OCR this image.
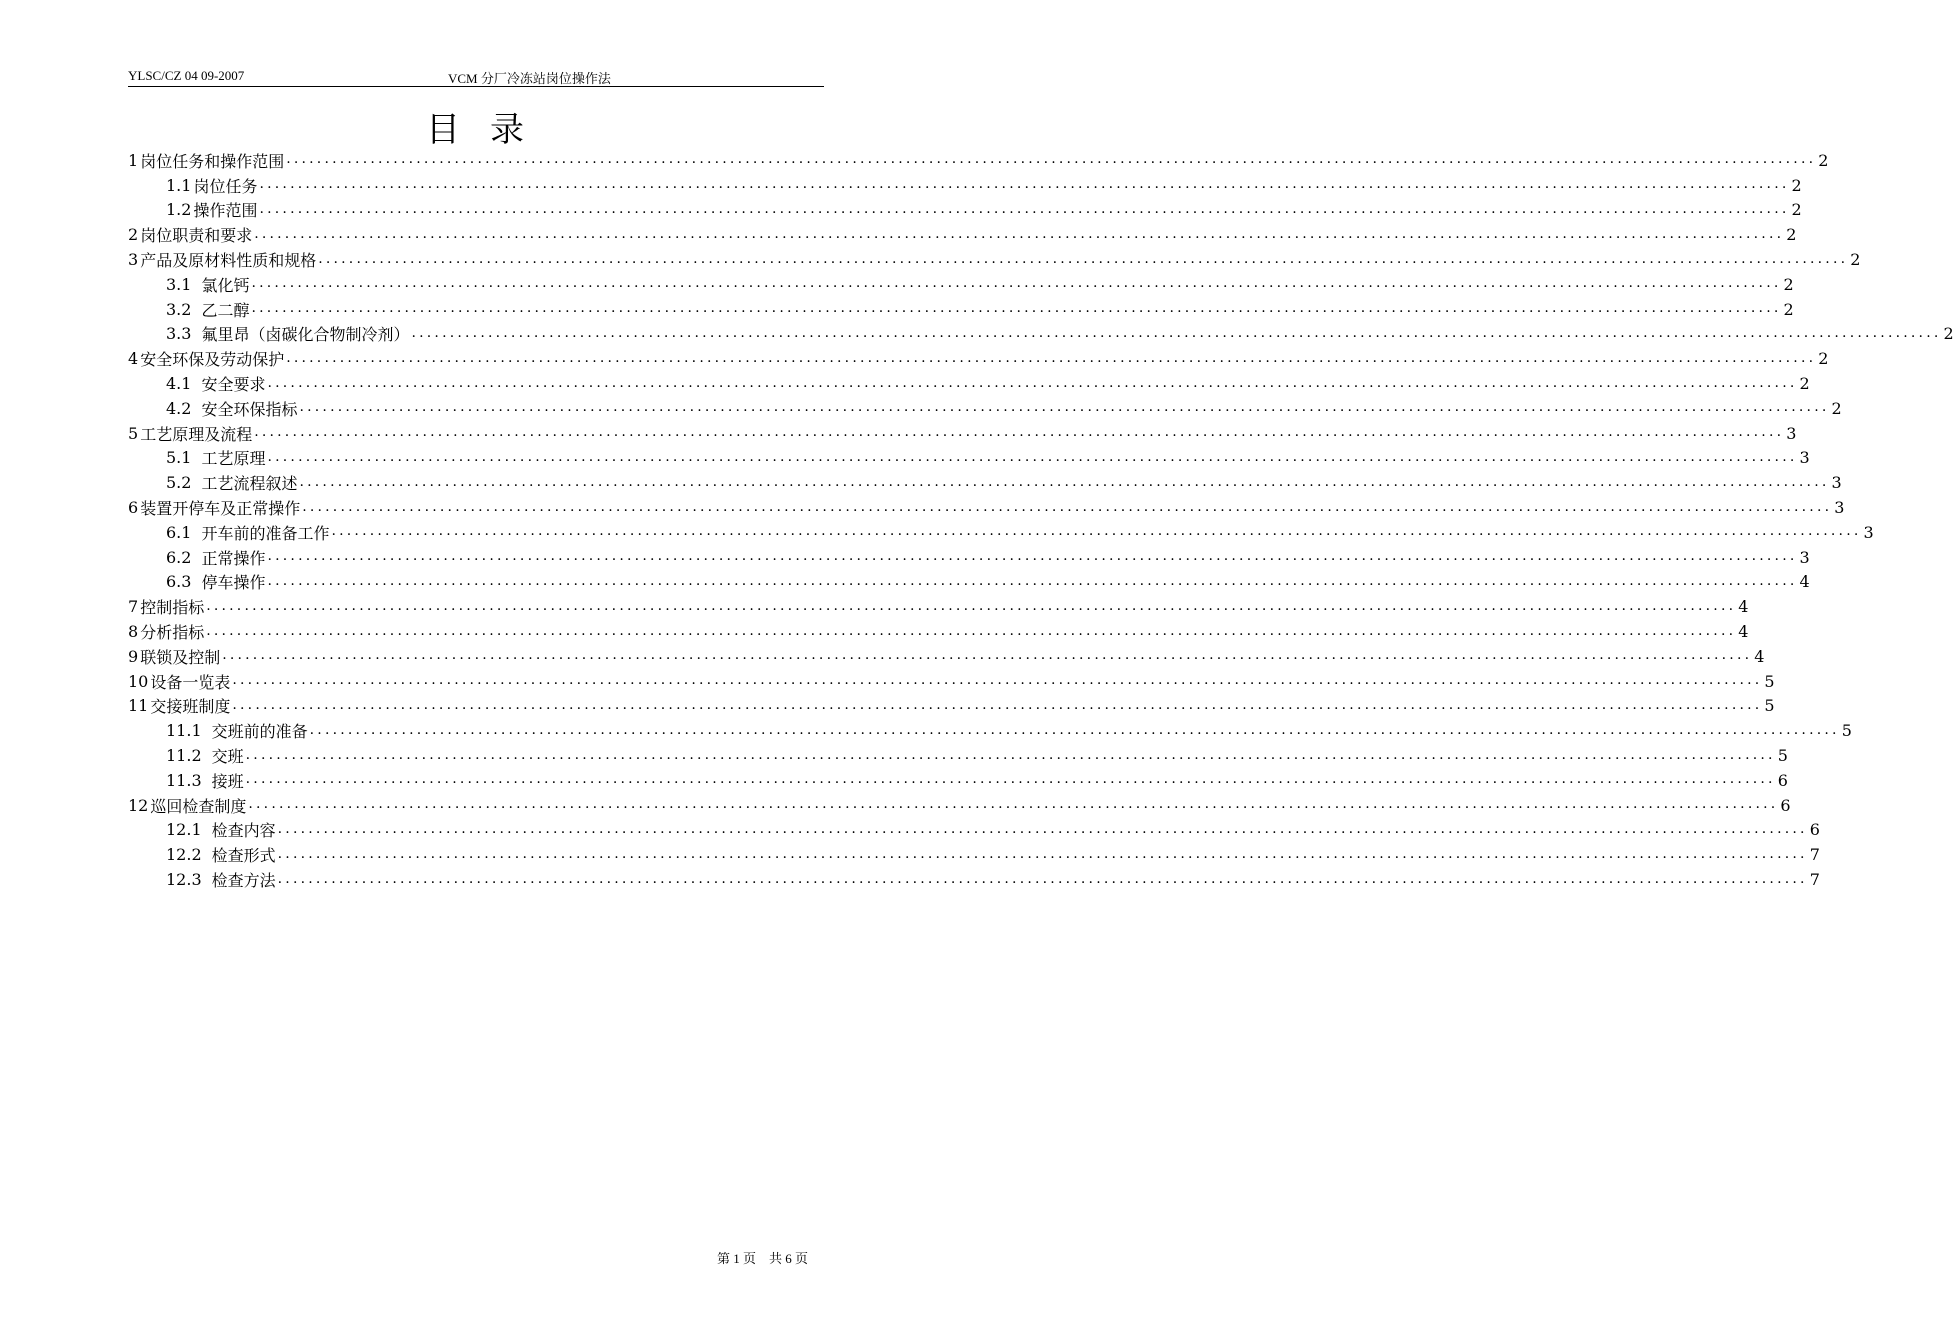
YLSC/CZ 04 09-2007	VCM 分厂冷冻站岗位操作法
目录
1 岗位任务和操作范围 ........................................................................................................................................................................................................ 2
1.1 岗位任务 ........................................................................................................................................................................................................ 2
1.2 操作范围 ........................................................................................................................................................................................................ 2
2 岗位职责和要求 ........................................................................................................................................................................................................ 2
3 产品及原材料性质和规格 ........................................................................................................................................................................................................ 2
3.1 氯化钙 ........................................................................................................................................................................................................ 2
3.2 乙二醇 ........................................................................................................................................................................................................ 2
3.3 氟里昂（卤碳化合物制冷剂） ........................................................................................................................................................................................................ 2
4 安全环保及劳动保护 ........................................................................................................................................................................................................ 2
4.1 安全要求 ........................................................................................................................................................................................................ 2
4.2 安全环保指标 ........................................................................................................................................................................................................ 2
5 工艺原理及流程 ........................................................................................................................................................................................................ 3
5.1 工艺原理 ........................................................................................................................................................................................................ 3
5.2 工艺流程叙述 ........................................................................................................................................................................................................ 3
6 装置开停车及正常操作 ........................................................................................................................................................................................................ 3
6.1 开车前的准备工作 ........................................................................................................................................................................................................ 3
6.2 正常操作 ........................................................................................................................................................................................................ 3
6.3 停车操作 ........................................................................................................................................................................................................ 4
7 控制指标 ........................................................................................................................................................................................................ 4
8 分析指标 ........................................................................................................................................................................................................ 4
9 联锁及控制 ........................................................................................................................................................................................................ 4
10 设备一览表 ........................................................................................................................................................................................................ 5
11 交接班制度 ........................................................................................................................................................................................................ 5
11.1 交班前的准备 ........................................................................................................................................................................................................ 5
11.2 交班 ........................................................................................................................................................................................................ 5
11.3 接班 ........................................................................................................................................................................................................ 6
12 巡回检查制度 ........................................................................................................................................................................................................ 6
12.1 检查内容 ........................................................................................................................................................................................................ 6
12.2 检查形式 ........................................................................................................................................................................................................ 7
12.3 检查方法 ........................................................................................................................................................................................................ 7
第 1 页    共 6 页
